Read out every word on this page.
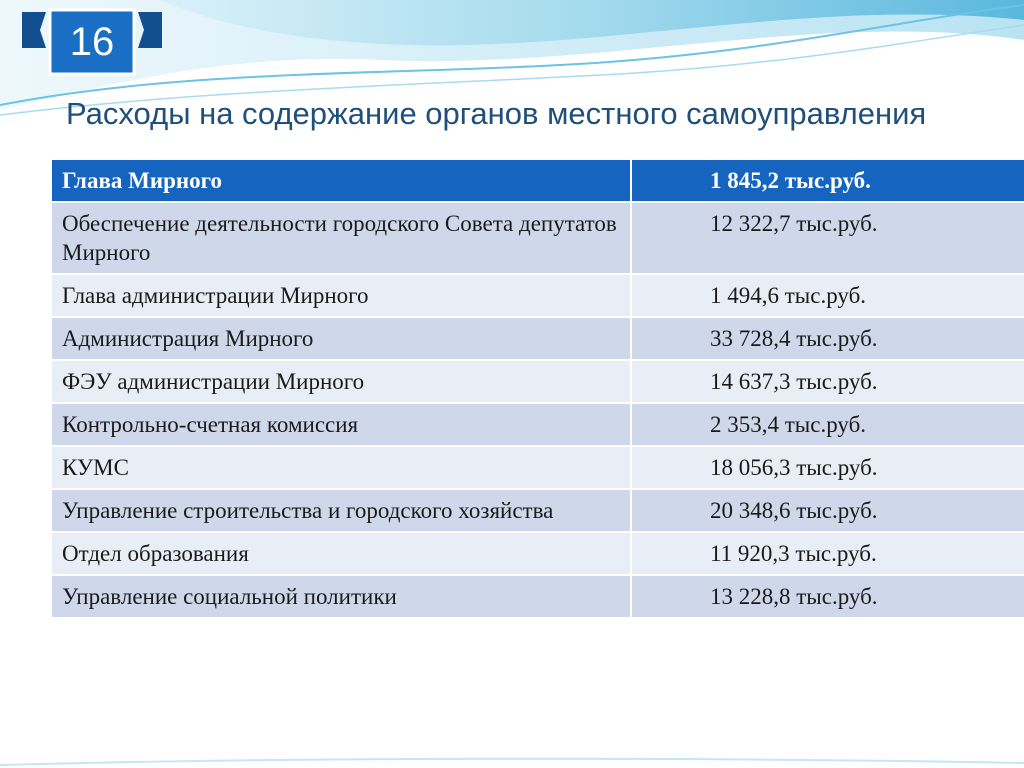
16
Расходы на содержание органов местного самоуправления
Глава Мирного	1 845,2 тыс.руб.
Обеспечение деятельности городского Совета депутатов Мирного	12 322,7 тыс.руб.
Глава администрации Мирного	1 494,6 тыс.руб.
Администрация Мирного	33 728,4 тыс.руб.
ФЭУ администрации Мирного	14 637,3 тыс.руб.
Контрольно-счетная комиссия	2 353,4 тыс.руб.
КУМС	18 056,3 тыс.руб.
Управление строительства и городского хозяйства	20 348,6 тыс.руб.
Отдел образования	11 920,3 тыс.руб.
Управление социальной политики	13 228,8 тыс.руб.
